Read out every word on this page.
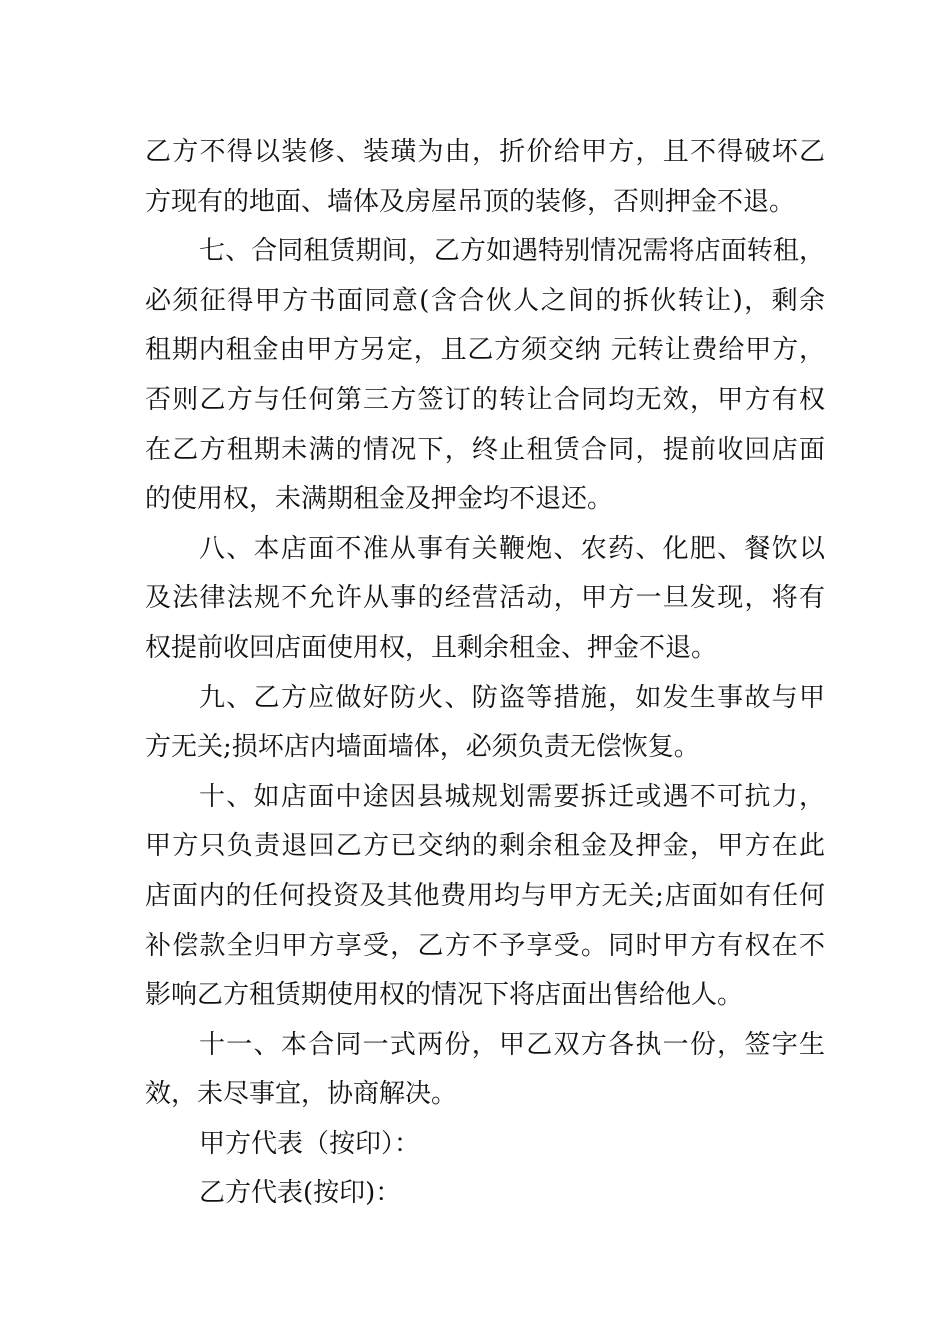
乙方不得以装修、装璜为由，折价给甲方，且不得破坏乙
方现有的地面、墙体及房屋吊顶的装修，否则押金不退。
七、合同租赁期间，乙方如遇特别情况需将店面转租，
必须征得甲方书面同意(含合伙人之间的拆伙转让)，剩余
租期内租金由甲方另定，且乙方须交纳 元转让费给甲方，
否则乙方与任何第三方签订的转让合同均无效，甲方有权
在乙方租期未满的情况下，终止租赁合同，提前收回店面
的使用权，未满期租金及押金均不退还。
八、本店面不准从事有关鞭炮、农药、化肥、餐饮以
及法律法规不允许从事的经营活动，甲方一旦发现，将有
权提前收回店面使用权，且剩余租金、押金不退。
九、乙方应做好防火、防盗等措施，如发生事故与甲
方无关;损坏店内墙面墙体，必须负责无偿恢复。
十、如店面中途因县城规划需要拆迁或遇不可抗力，
甲方只负责退回乙方已交纳的剩余租金及押金，甲方在此
店面内的任何投资及其他费用均与甲方无关;店面如有任何
补偿款全归甲方享受，乙方不予享受。同时甲方有权在不
影响乙方租赁期使用权的情况下将店面出售给他人。
十一、本合同一式两份，甲乙双方各执一份，签字生
效，未尽事宜，协商解决。
甲方代表（按印）：
乙方代表(按印)：
